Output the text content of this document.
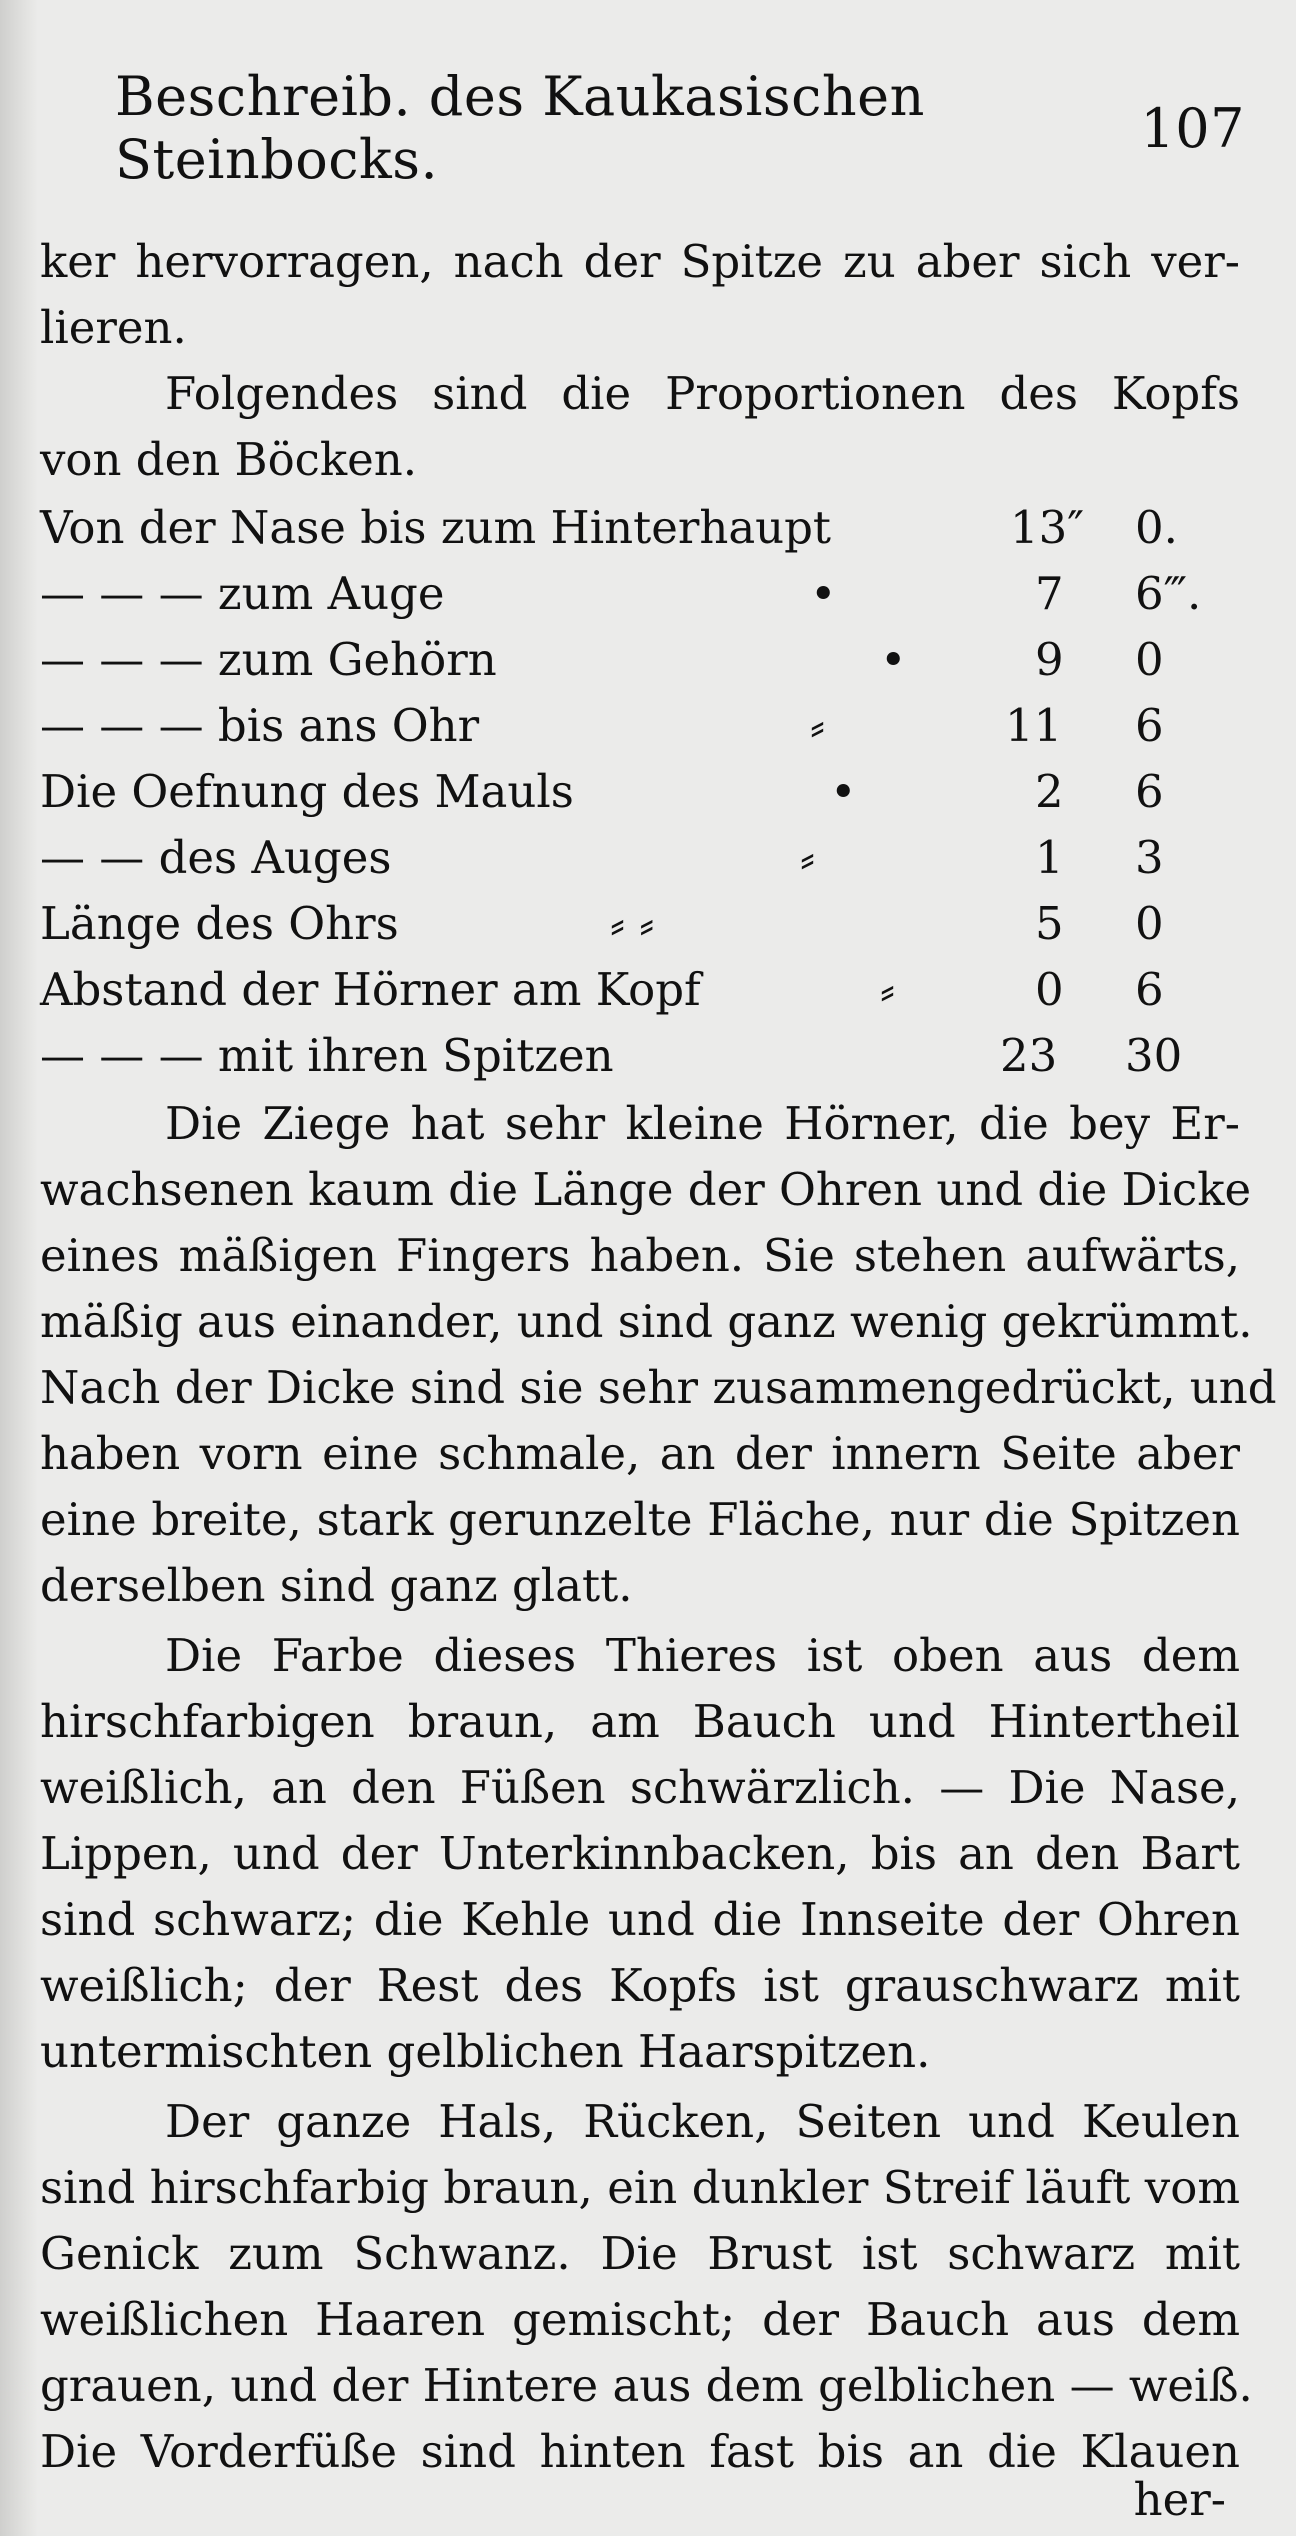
Beschreib. des Kaukasischen Steinbocks.	107
ker hervorragen, nach der Spitze zu aber sich ver-
lieren.
Folgendes sind die Proportionen des Kopfs
von den Böcken.
Von der Nase bis zum Hinterhaupt	13″ 0.
— — — zum Auge	•	7 6‴.
— — — zum Gehörn	•	9 0
— — — bis ans Ohr	⸗	11 6
Die Oefnung des Mauls	•	2 6
— — des Auges	⸗	1 3
Länge des Ohrs	⸗ ⸗	5 0
Abstand der Hörner am Kopf	⸗	0 6
— — — mit ihren Spitzen	23 30
Die Ziege hat sehr kleine Hörner, die bey Er-
wachsenen kaum die Länge der Ohren und die Dicke
eines mäßigen Fingers haben. Sie stehen aufwärts,
mäßig aus einander, und sind ganz wenig gekrümmt.
Nach der Dicke sind sie sehr zusammengedrückt, und
haben vorn eine schmale, an der innern Seite aber
eine breite, stark gerunzelte Fläche, nur die Spitzen
derselben sind ganz glatt.
Die Farbe dieses Thieres ist oben aus dem
hirschfarbigen braun, am Bauch und Hintertheil
weißlich, an den Füßen schwärzlich. — Die Nase,
Lippen, und der Unterkinnbacken, bis an den Bart
sind schwarz; die Kehle und die Innseite der Ohren
weißlich; der Rest des Kopfs ist grauschwarz mit
untermischten gelblichen Haarspitzen.
Der ganze Hals, Rücken, Seiten und Keulen
sind hirschfarbig braun, ein dunkler Streif läuft vom
Genick zum Schwanz. Die Brust ist schwarz mit
weißlichen Haaren gemischt; der Bauch aus dem
grauen, und der Hintere aus dem gelblichen — weiß.
Die Vorderfüße sind hinten fast bis an die Klauen
her-
